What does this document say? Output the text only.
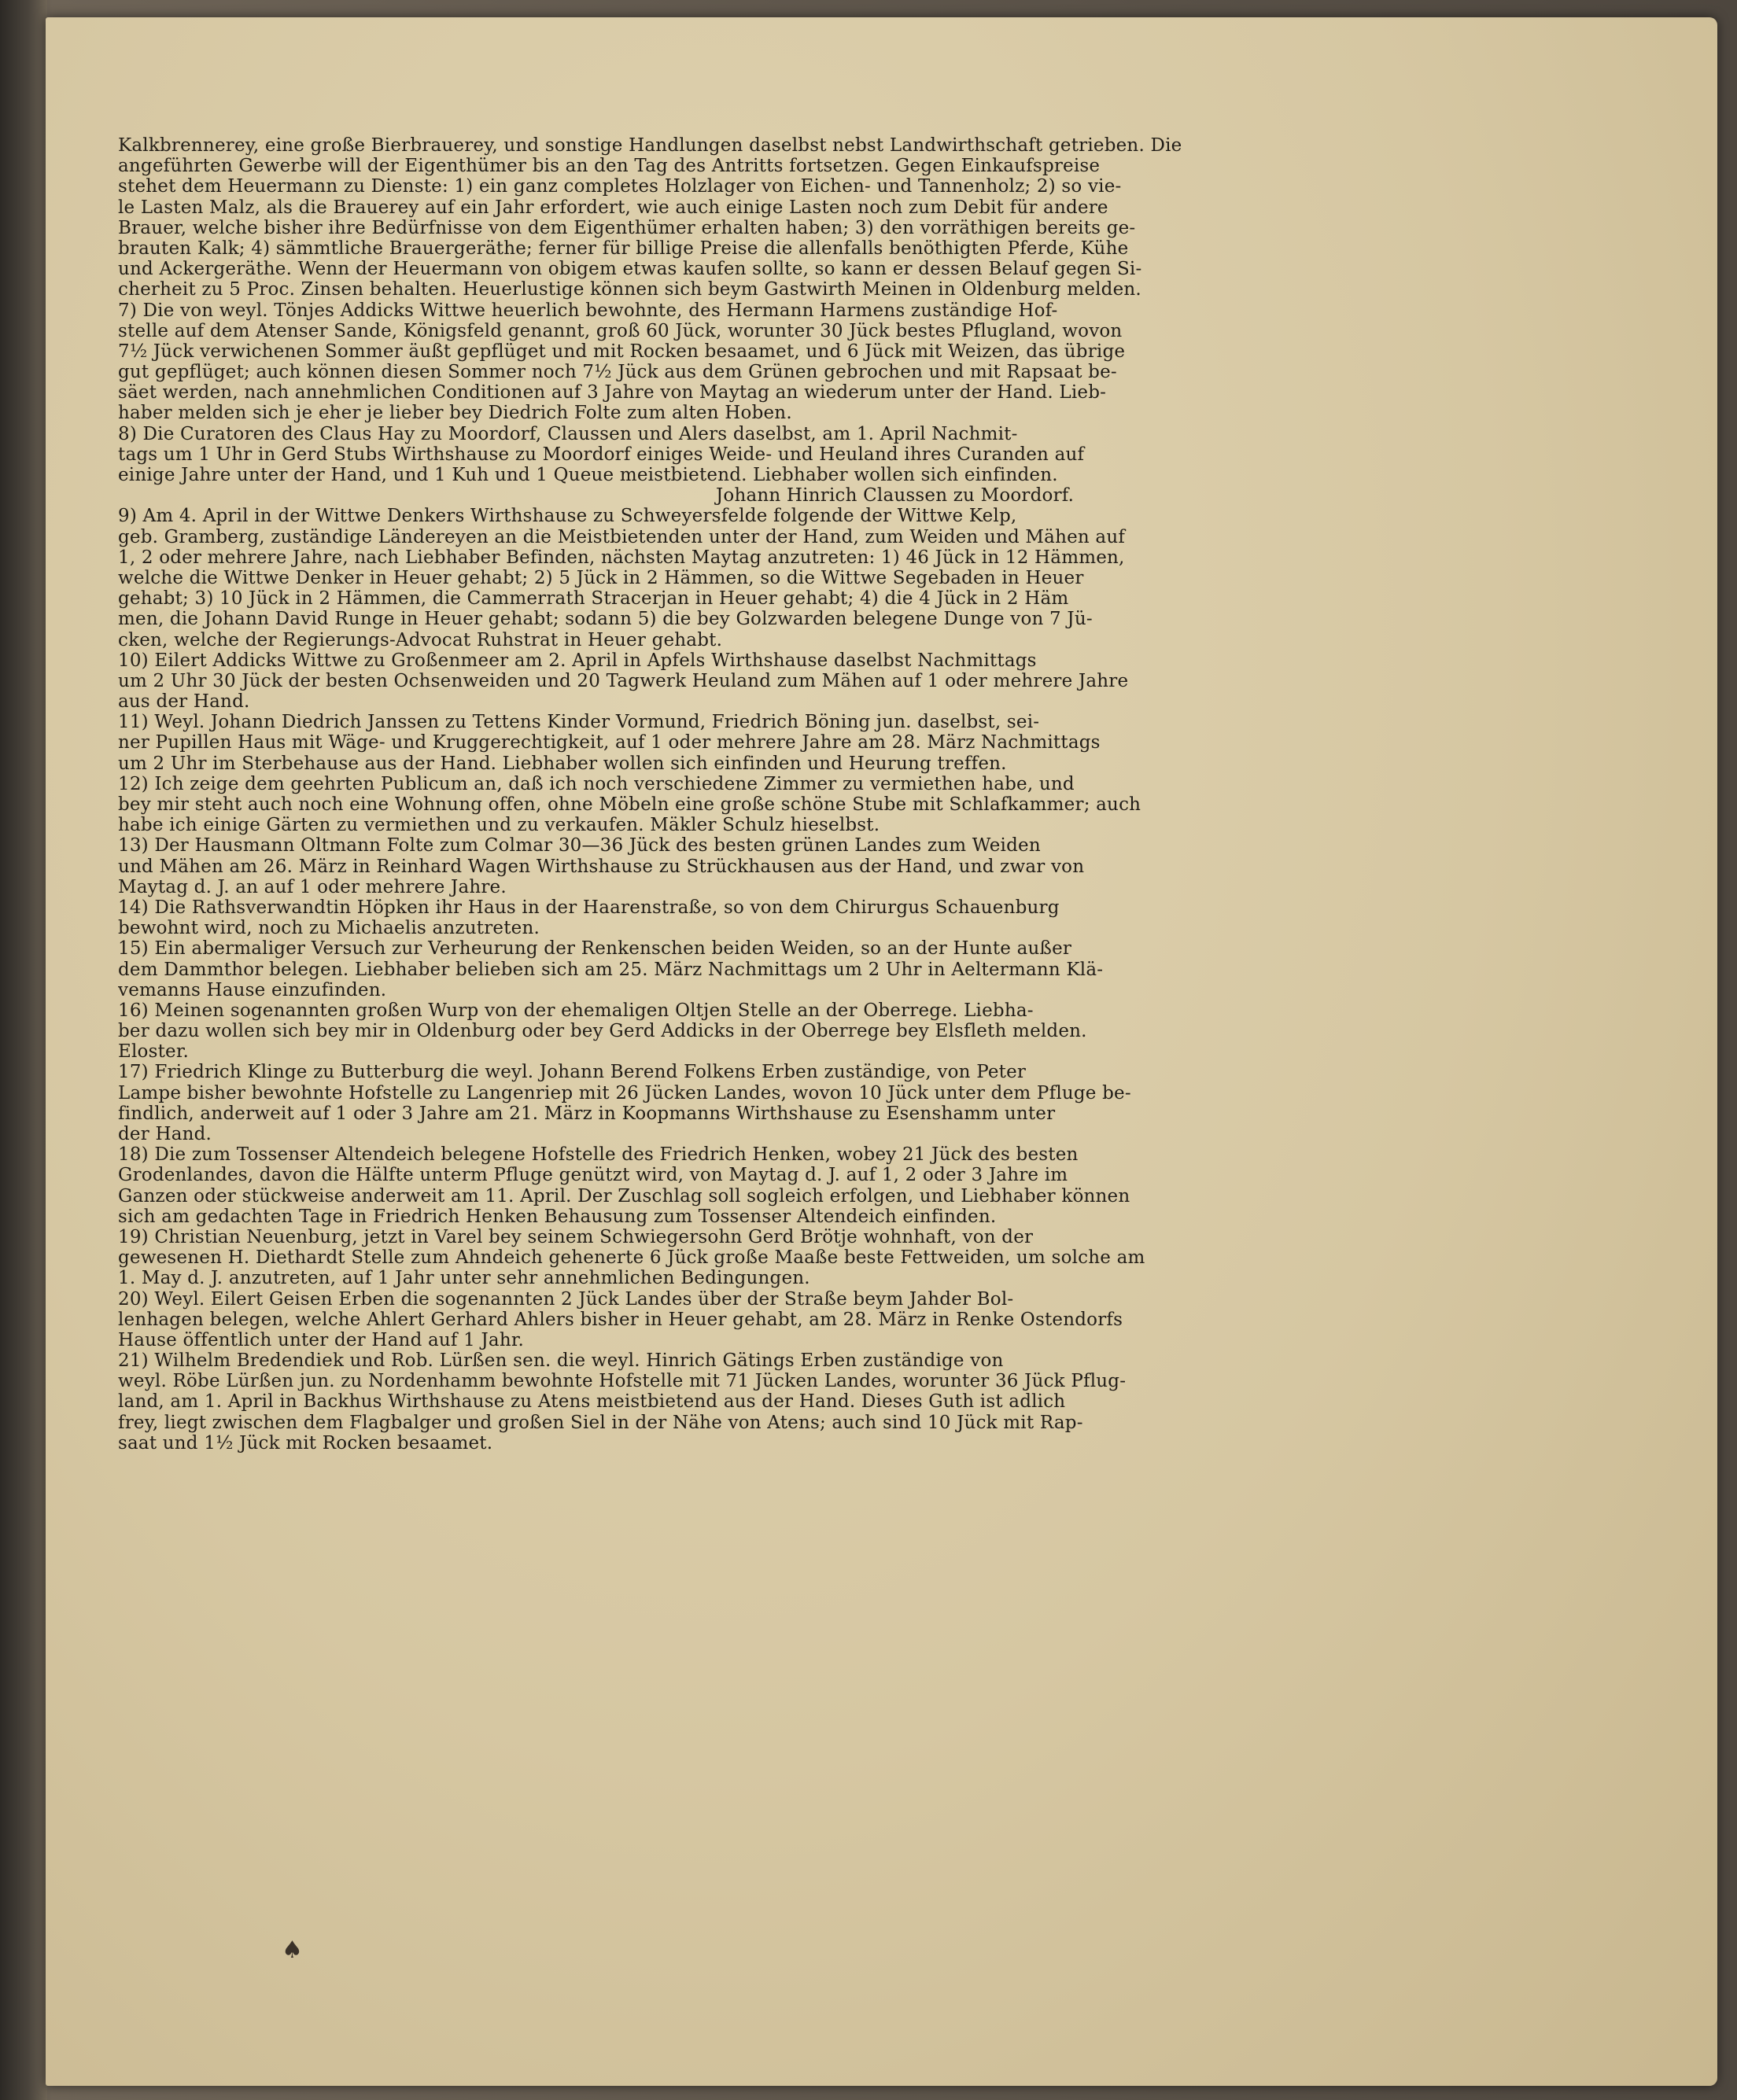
Kalkbrennerey, eine große Bierbrauerey, und sonstige Handlungen daselbst nebst Landwirthschaft getrieben. Die
angeführten Gewerbe will der Eigenthümer bis an den Tag des Antritts fortsetzen. Gegen Einkaufspreise
stehet dem Heuermann zu Dienste: 1) ein ganz completes Holzlager von Eichen- und Tannenholz; 2) so vie-
le Lasten Malz, als die Brauerey auf ein Jahr erfordert, wie auch einige Lasten noch zum Debit für andere
Brauer, welche bisher ihre Bedürfnisse von dem Eigenthümer erhalten haben; 3) den vorräthigen bereits ge-
brauten Kalk; 4) sämmtliche Brauergeräthe; ferner für billige Preise die allenfalls benöthigten Pferde, Kühe
und Ackergeräthe. Wenn der Heuermann von obigem etwas kaufen sollte, so kann er dessen Belauf gegen Si-
cherheit zu 5 Proc. Zinsen behalten. Heuerlustige können sich beym Gastwirth Meinen in Oldenburg melden.
7) Die von weyl. Tönjes Addicks Wittwe heuerlich bewohnte, des Hermann Harmens zuständige Hof-
stelle auf dem Atenser Sande, Königsfeld genannt, groß 60 Jück, worunter 30 Jück bestes Pflugland, wovon
7½ Jück verwichenen Sommer äußt gepflüget und mit Rocken besaamet, und 6 Jück mit Weizen, das übrige
gut gepflüget; auch können diesen Sommer noch 7½ Jück aus dem Grünen gebrochen und mit Rapsaat be-
säet werden, nach annehmlichen Conditionen auf 3 Jahre von Maytag an wiederum unter der Hand. Lieb-
haber melden sich je eher je lieber bey Diedrich Folte zum alten Hoben.
8) Die Curatoren des Claus Hay zu Moordorf, Claussen und Alers daselbst, am 1. April Nachmit-
tags um 1 Uhr in Gerd Stubs Wirthshause zu Moordorf einiges Weide- und Heuland ihres Curanden auf
einige Jahre unter der Hand, und 1 Kuh und 1 Queue meistbietend. Liebhaber wollen sich einfinden.
Johann Hinrich Claussen zu Moordorf.
9) Am 4. April in der Wittwe Denkers Wirthshause zu Schweyersfelde folgende der Wittwe Kelp,
geb. Gramberg, zuständige Ländereyen an die Meistbietenden unter der Hand, zum Weiden und Mähen auf
1, 2 oder mehrere Jahre, nach Liebhaber Befinden, nächsten Maytag anzutreten: 1) 46 Jück in 12 Hämmen,
welche die Wittwe Denker in Heuer gehabt; 2) 5 Jück in 2 Hämmen, so die Wittwe Segebaden in Heuer
gehabt; 3) 10 Jück in 2 Hämmen, die Cammerrath Stracerjan in Heuer gehabt; 4) die 4 Jück in 2 Häm
men, die Johann David Runge in Heuer gehabt; sodann 5) die bey Golzwarden belegene Dunge von 7 Jü-
cken, welche der Regierungs-Advocat Ruhstrat in Heuer gehabt.
10) Eilert Addicks Wittwe zu Großenmeer am 2. April in Apfels Wirthshause daselbst Nachmittags
um 2 Uhr 30 Jück der besten Ochsenweiden und 20 Tagwerk Heuland zum Mähen auf 1 oder mehrere Jahre
aus der Hand.
11) Weyl. Johann Diedrich Janssen zu Tettens Kinder Vormund, Friedrich Böning jun. daselbst, sei-
ner Pupillen Haus mit Wäge- und Kruggerechtigkeit, auf 1 oder mehrere Jahre am 28. März Nachmittags
um 2 Uhr im Sterbehause aus der Hand. Liebhaber wollen sich einfinden und Heurung treffen.
12) Ich zeige dem geehrten Publicum an, daß ich noch verschiedene Zimmer zu vermiethen habe, und
bey mir steht auch noch eine Wohnung offen, ohne Möbeln eine große schöne Stube mit Schlafkammer; auch
habe ich einige Gärten zu vermiethen und zu verkaufen. Mäkler Schulz hieselbst.
13) Der Hausmann Oltmann Folte zum Colmar 30—36 Jück des besten grünen Landes zum Weiden
und Mähen am 26. März in Reinhard Wagen Wirthshause zu Strückhausen aus der Hand, und zwar von
Maytag d. J. an auf 1 oder mehrere Jahre.
14) Die Rathsverwandtin Höpken ihr Haus in der Haarenstraße, so von dem Chirurgus Schauenburg
bewohnt wird, noch zu Michaelis anzutreten.
15) Ein abermaliger Versuch zur Verheurung der Renkenschen beiden Weiden, so an der Hunte außer
dem Dammthor belegen. Liebhaber belieben sich am 25. März Nachmittags um 2 Uhr in Aeltermann Klä-
vemanns Hause einzufinden.
16) Meinen sogenannten großen Wurp von der ehemaligen Oltjen Stelle an der Oberrege. Liebha-
ber dazu wollen sich bey mir in Oldenburg oder bey Gerd Addicks in der Oberrege bey Elsfleth melden.
Eloster.
17) Friedrich Klinge zu Butterburg die weyl. Johann Berend Folkens Erben zuständige, von Peter
Lampe bisher bewohnte Hofstelle zu Langenriep mit 26 Jücken Landes, wovon 10 Jück unter dem Pfluge be-
findlich, anderweit auf 1 oder 3 Jahre am 21. März in Koopmanns Wirthshause zu Esenshamm unter
der Hand.
18) Die zum Tossenser Altendeich belegene Hofstelle des Friedrich Henken, wobey 21 Jück des besten
Grodenlandes, davon die Hälfte unterm Pfluge genützt wird, von Maytag d. J. auf 1, 2 oder 3 Jahre im
Ganzen oder stückweise anderweit am 11. April. Der Zuschlag soll sogleich erfolgen, und Liebhaber können
sich am gedachten Tage in Friedrich Henken Behausung zum Tossenser Altendeich einfinden.
19) Christian Neuenburg, jetzt in Varel bey seinem Schwiegersohn Gerd Brötje wohnhaft, von der
gewesenen H. Diethardt Stelle zum Ahndeich gehenerte 6 Jück große Maaße beste Fettweiden, um solche am
1. May d. J. anzutreten, auf 1 Jahr unter sehr annehmlichen Bedingungen.
20) Weyl. Eilert Geisen Erben die sogenannten 2 Jück Landes über der Straße beym Jahder Bol-
lenhagen belegen, welche Ahlert Gerhard Ahlers bisher in Heuer gehabt, am 28. März in Renke Ostendorfs
Hause öffentlich unter der Hand auf 1 Jahr.
21) Wilhelm Bredendiek und Rob. Lürßen sen. die weyl. Hinrich Gätings Erben zuständige von
weyl. Röbe Lürßen jun. zu Nordenhamm bewohnte Hofstelle mit 71 Jücken Landes, worunter 36 Jück Pflug-
land, am 1. April in Backhus Wirthshause zu Atens meistbietend aus der Hand. Dieses Guth ist adlich
frey, liegt zwischen dem Flagbalger und großen Siel in der Nähe von Atens; auch sind 10 Jück mit Rap-
saat und 1½ Jück mit Rocken besaamet.
♠
